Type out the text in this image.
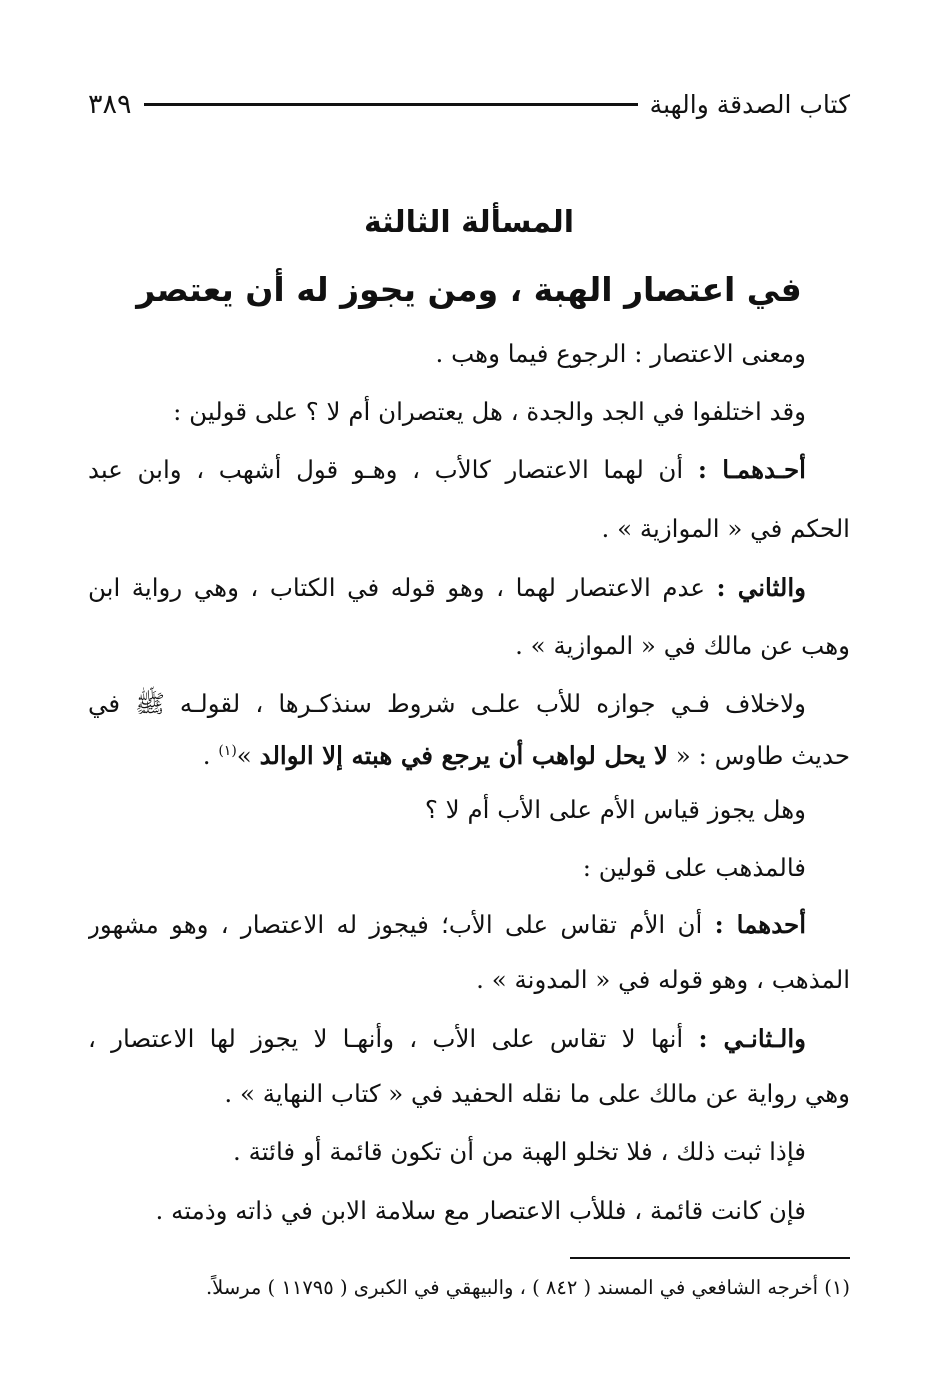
كتاب الصدقة والهبة
٣٨٩
المسألة الثالثة
في اعتصار الهبة ، ومن يجوز له أن يعتصر
ومعنى الاعتصار : الرجوع فيما وهب .
وقد اختلفوا في الجد والجدة ، هل يعتصران أم لا ؟ على قولين :
أحـدهمـا : أن لهما الاعتصار كالأب ، وهـو قول أشهب ، وابن عبد
الحكم في « الموازية » .
والثاني : عدم الاعتصار لهما ، وهو قوله في الكتاب ، وهي رواية ابن
وهب عن مالك في « الموازية » .
ولاخلاف فـي جوازه للأب علـى شروط سنذكـرها ، لقولـه ﷺ في
حديث طاوس : « لا يحل لواهب أن يرجع في هبته إلا الوالد »$^{(١)}$ .
وهل يجوز قياس الأم على الأب أم لا ؟
فالمذهب على قولين :
أحدهما : أن الأم تقاس على الأب؛ فيجوز له الاعتصار ، وهو مشهور
المذهب ، وهو قوله في « المدونة » .
والـثانـي : أنها لا تقاس على الأب ، وأنهـا لا يجوز لها الاعتصار ،
وهي رواية عن مالك على ما نقله الحفيد في « كتاب النهاية » .
فإذا ثبت ذلك ، فلا تخلو الهبة من أن تكون قائمة أو فائتة .
فإن كانت قائمة ، فللأب الاعتصار مع سلامة الابن في ذاته وذمته .
(١) أخرجه الشافعي في المسند ( ٨٤٢ ) ، والبيهقي في الكبرى ( ١١٧٩٥ ) مرسلاً.
